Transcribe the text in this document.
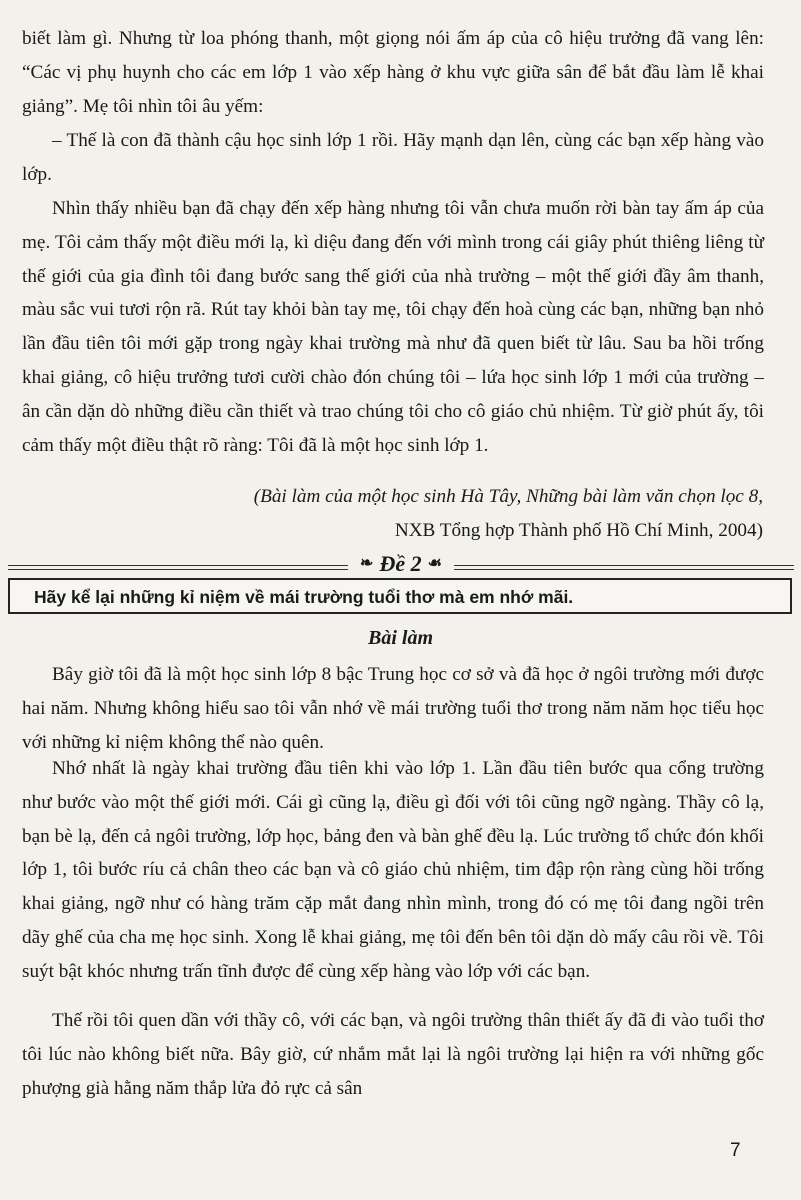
biết làm gì. Nhưng từ loa phóng thanh, một giọng nói ấm áp của cô hiệu trưởng đã vang lên: “Các vị phụ huynh cho các em lớp 1 vào xếp hàng ở khu vực giữa sân để bắt đầu làm lễ khai giảng”. Mẹ tôi nhìn tôi âu yếm:

– Thế là con đã thành cậu học sinh lớp 1 rồi. Hãy mạnh dạn lên, cùng các bạn xếp hàng vào lớp.

Nhìn thấy nhiều bạn đã chạy đến xếp hàng nhưng tôi vẫn chưa muốn rời bàn tay ấm áp của mẹ. Tôi cảm thấy một điều mới lạ, kì diệu đang đến với mình trong cái giây phút thiêng liêng từ thế giới của gia đình tôi đang bước sang thế giới của nhà trường – một thế giới đầy âm thanh, màu sắc vui tươi rộn rã. Rút tay khỏi bàn tay mẹ, tôi chạy đến hoà cùng các bạn, những bạn nhỏ lần đầu tiên tôi mới gặp trong ngày khai trường mà như đã quen biết từ lâu. Sau ba hồi trống khai giảng, cô hiệu trưởng tươi cười chào đón chúng tôi – lứa học sinh lớp 1 mới của trường – ân cần dặn dò những điều cần thiết và trao chúng tôi cho cô giáo chủ nhiệm. Từ giờ phút ấy, tôi cảm thấy một điều thật rõ ràng: Tôi đã là một học sinh lớp 1.

(Bài làm của một học sinh Hà Tây, Những bài làm văn chọn lọc 8,
NXB Tổng hợp Thành phố Hồ Chí Minh, 2004)
❧ Đề 2 ☙
Hãy kể lại những kỉ niệm về mái trường tuổi thơ mà em nhớ mãi.
Bài làm

Bây giờ tôi đã là một học sinh lớp 8 bậc Trung học cơ sở và đã học ở ngôi trường mới được hai năm. Nhưng không hiểu sao tôi vẫn nhớ về mái trường tuổi thơ trong năm năm học tiểu học với những kỉ niệm không thể nào quên.

Nhớ nhất là ngày khai trường đầu tiên khi vào lớp 1. Lần đầu tiên bước qua cổng trường như bước vào một thế giới mới. Cái gì cũng lạ, điều gì đối với tôi cũng ngỡ ngàng. Thầy cô lạ, bạn bè lạ, đến cả ngôi trường, lớp học, bảng đen và bàn ghế đều lạ. Lúc trường tổ chức đón khối lớp 1, tôi bước ríu cả chân theo các bạn và cô giáo chủ nhiệm, tim đập rộn ràng cùng hồi trống khai giảng, ngỡ như có hàng trăm cặp mắt đang nhìn mình, trong đó có mẹ tôi đang ngồi trên dãy ghế của cha mẹ học sinh. Xong lễ khai giảng, mẹ tôi đến bên tôi dặn dò mấy câu rồi về. Tôi suýt bật khóc nhưng trấn tĩnh được để cùng xếp hàng vào lớp với các bạn.

Thế rồi tôi quen dần với thầy cô, với các bạn, và ngôi trường thân thiết ấy đã đi vào tuổi thơ tôi lúc nào không biết nữa. Bây giờ, cứ nhắm mắt lại là ngôi trường lại hiện ra với những gốc phượng già hằng năm thắp lửa đỏ rực cả sân

7
